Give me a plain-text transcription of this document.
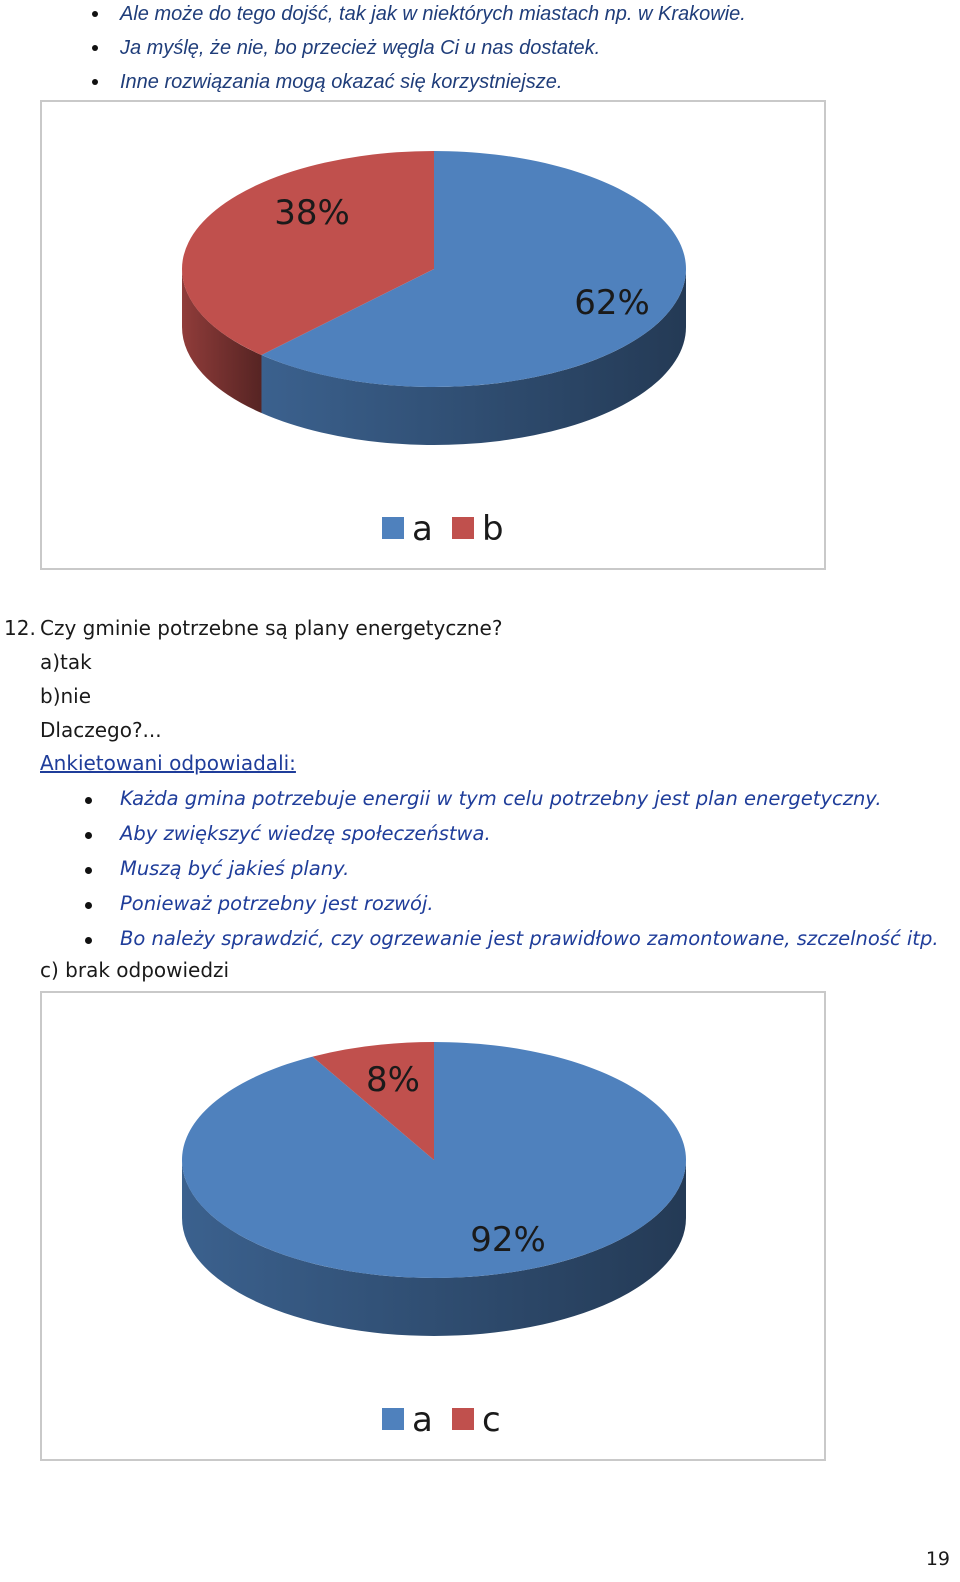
Ale może do tego dojść, tak jak w niektórych miastach np. w Krakowie.
Ja myślę, że nie, bo przecież węgla Ci u nas dostatek.
Inne rozwiązania mogą okazać się korzystniejsze.
62%
38%
a b
12. Czy gminie potrzebne są plany energetyczne?
a)tak
b)nie
Dlaczego?...
Ankietowani odpowiadali:
Każda gmina potrzebuje energii w tym celu potrzebny jest plan energetyczny.
Aby zwiększyć wiedzę społeczeństwa.
Muszą być jakieś plany.
Ponieważ potrzebny jest rozwój.
Bo należy sprawdzić, czy ogrzewanie jest prawidłowo zamontowane, szczelność itp.
c) brak odpowiedzi
92%
8%
a c
19
